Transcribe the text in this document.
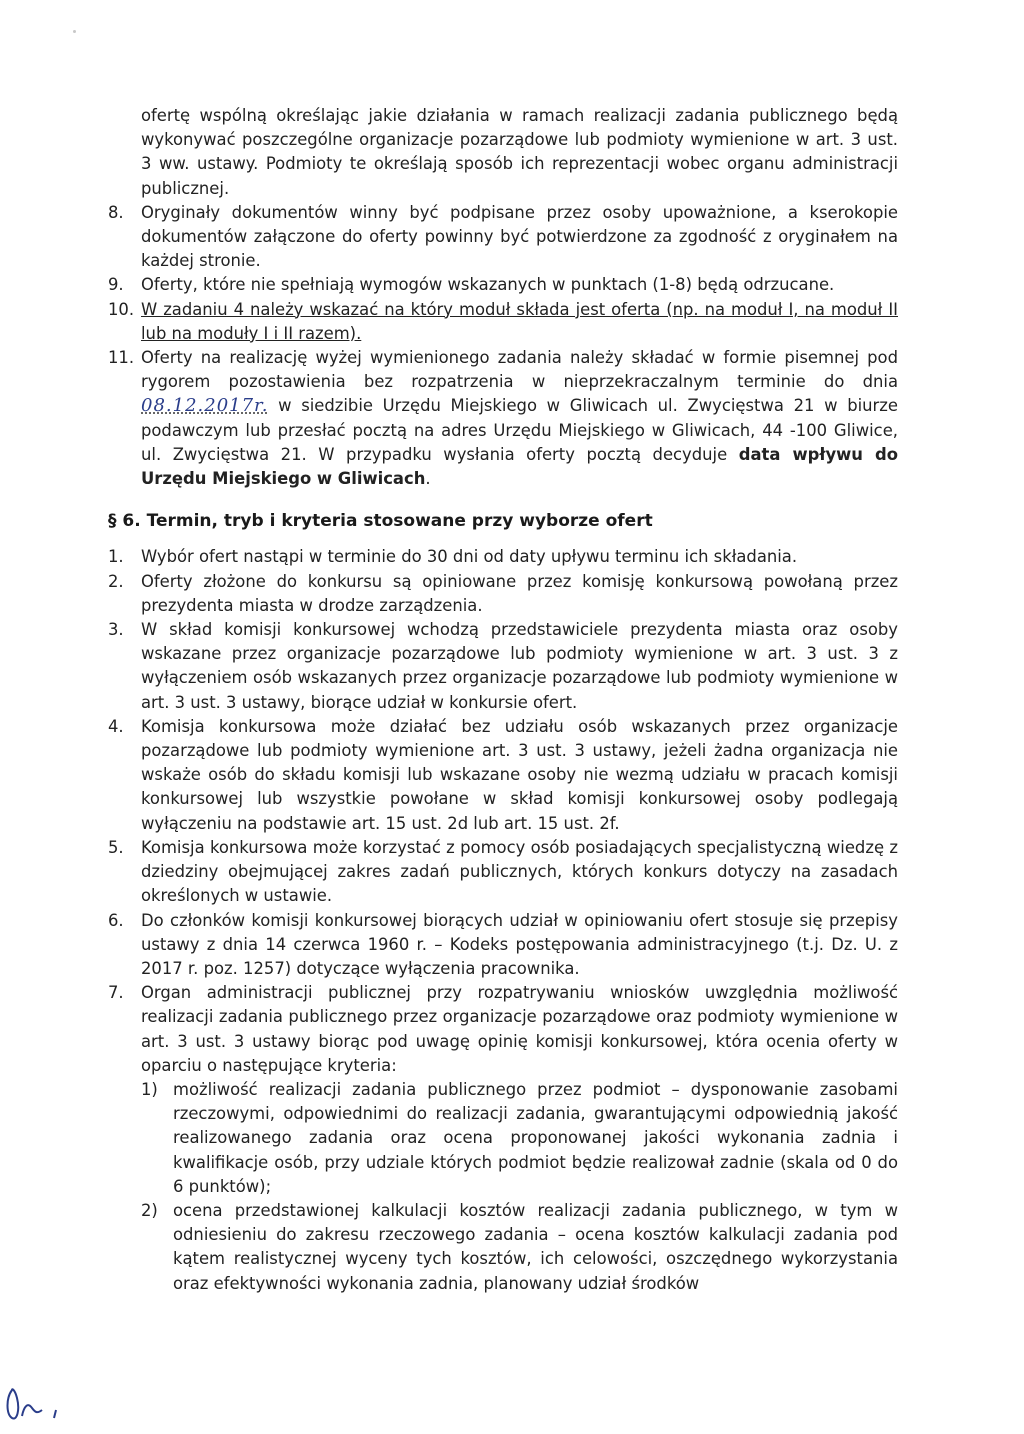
ofertę wspólną określając jakie działania w ramach realizacji zadania publicznego będą wykonywać poszczególne organizacje pozarządowe lub podmioty wymienione w art. 3 ust. 3 ww. ustawy. Podmioty te określają sposób ich reprezentacji wobec organu administracji publicznej.

8.	Oryginały dokumentów winny być podpisane przez osoby upoważnione, a kserokopie dokumentów załączone do oferty powinny być potwierdzone za zgodność z oryginałem na każdej stronie.
9.	Oferty, które nie spełniają wymogów wskazanych w punktach (1-8) będą odrzucane.
10. W zadaniu 4 należy wskazać na który moduł składa jest oferta (np. na moduł I, na moduł II lub na moduły I i II razem).
11. Oferty na realizację wyżej wymienionego zadania należy składać w formie pisemnej pod rygorem pozostawienia bez rozpatrzenia w nieprzekraczalnym terminie do dnia 08.12.2017r. w siedzibie Urzędu Miejskiego w Gliwicach ul. Zwycięstwa 21 w biurze podawczym lub przesłać pocztą na adres Urzędu Miejskiego w Gliwicach, 44 -100 Gliwice, ul. Zwycięstwa 21. W przypadku wysłania oferty pocztą decyduje data wpływu do Urzędu Miejskiego w Gliwicach.
§ 6. Termin, tryb i kryteria stosowane przy wyborze ofert
1.	Wybór ofert nastąpi w terminie do 30 dni od daty upływu terminu ich składania.
2.	Oferty złożone do konkursu są opiniowane przez komisję konkursową powołaną przez prezydenta miasta w drodze zarządzenia.
3.	W skład komisji konkursowej wchodzą przedstawiciele prezydenta miasta oraz osoby wskazane przez organizacje pozarządowe lub podmioty wymienione w art. 3 ust. 3 z wyłączeniem osób wskazanych przez organizacje pozarządowe lub podmioty wymienione w art. 3 ust. 3 ustawy, biorące udział w konkursie ofert.
4.	Komisja konkursowa może działać bez udziału osób wskazanych przez organizacje pozarządowe lub podmioty wymienione art. 3 ust. 3 ustawy, jeżeli żadna organizacja nie wskaże osób do składu komisji lub wskazane osoby nie wezmą udziału w pracach komisji konkursowej lub wszystkie powołane w skład komisji konkursowej osoby podlegają wyłączeniu na podstawie art. 15 ust. 2d lub art. 15 ust. 2f.
5.	Komisja konkursowa może korzystać z pomocy osób posiadających specjalistyczną wiedzę z dziedziny obejmującej zakres zadań publicznych, których konkurs dotyczy na zasadach określonych w ustawie.
6.	Do członków komisji konkursowej biorących udział w opiniowaniu ofert stosuje się przepisy ustawy z dnia 14 czerwca 1960 r. – Kodeks postępowania administracyjnego (t.j. Dz. U. z 2017 r. poz. 1257) dotyczące wyłączenia pracownika.
7.	Organ administracji publicznej przy rozpatrywaniu wniosków uwzględnia możliwość realizacji zadania publicznego przez organizacje pozarządowe oraz podmioty wymienione w art. 3 ust. 3 ustawy biorąc pod uwagę opinię komisji konkursowej, która ocenia oferty w oparciu o następujące kryteria:
1) możliwość realizacji zadania publicznego przez podmiot – dysponowanie zasobami rzeczowymi, odpowiednimi do realizacji zadania, gwarantującymi odpowiednią jakość realizowanego zadania oraz ocena proponowanej jakości wykonania zadnia i kwalifikacje osób, przy udziale których podmiot będzie realizował zadnie (skala od 0 do 6 punktów);
2) ocena przedstawionej kalkulacji kosztów realizacji zadania publicznego, w tym w odniesieniu do zakresu rzeczowego zadania – ocena kosztów kalkulacji zadania pod kątem realistycznej wyceny tych kosztów, ich celowości, oszczędnego wykorzystania oraz efektywności wykonania zadnia, planowany udział środków
